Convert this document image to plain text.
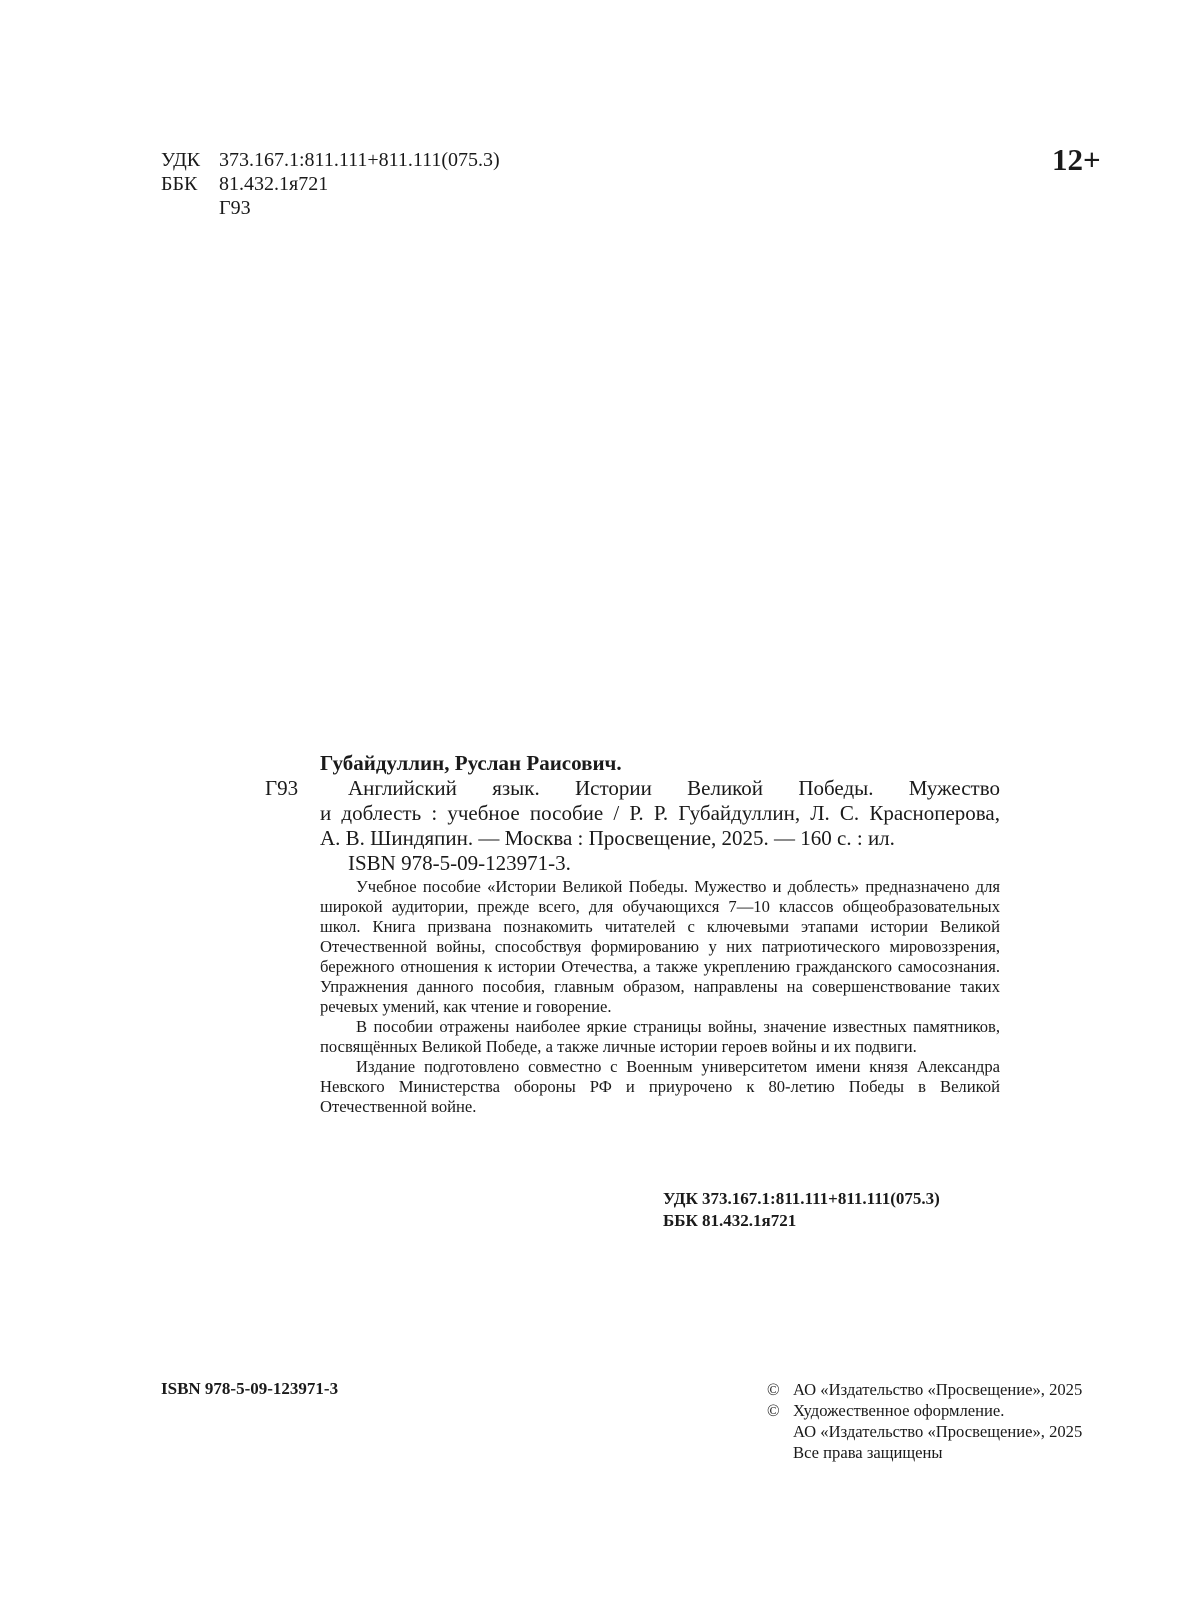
УДК 373.167.1:811.111+811.111(075.3)
ББК 81.432.1я721
Г93
12+
Г93
Губайдуллин, Руслан Раисович.
Английский язык. Истории Великой Победы. Мужество
и доблесть : учебное пособие / Р. Р. Губайдуллин, Л. С. Красноперова,
А. В. Шиндяпин. — Москва : Просвещение, 2025. — 160 с. : ил.
ISBN 978-5-09-123971-3.

Учебное пособие «Истории Великой Победы. Мужество и доблесть» предназначено для широкой аудитории, прежде всего, для обучающихся 7—10 классов общеобразовательных школ. Книга призвана познакомить читателей с ключевыми этапами истории Великой Отечественной войны, способствуя формированию у них патриотического мировоззрения, бережного отношения к истории Отечества, а также укреплению гражданского самосознания. Упражнения данного пособия, главным образом, направлены на совершенствование таких речевых умений, как чтение и говорение.

В пособии отражены наиболее яркие страницы войны, значение известных памятников, посвящённых Великой Победе, а также личные истории героев войны и их подвиги.

Издание подготовлено совместно с Военным университетом имени князя Александра Невского Министерства обороны РФ и приурочено к 80-летию Победы в Великой Отечественной войне.

УДК 373.167.1:811.111+811.111(075.3)
ББК 81.432.1я721
ISBN 978-5-09-123971-3	© АО «Издательство «Просвещение», 2025
© Художественное оформление.
АО «Издательство «Просвещение», 2025
Все права защищены
